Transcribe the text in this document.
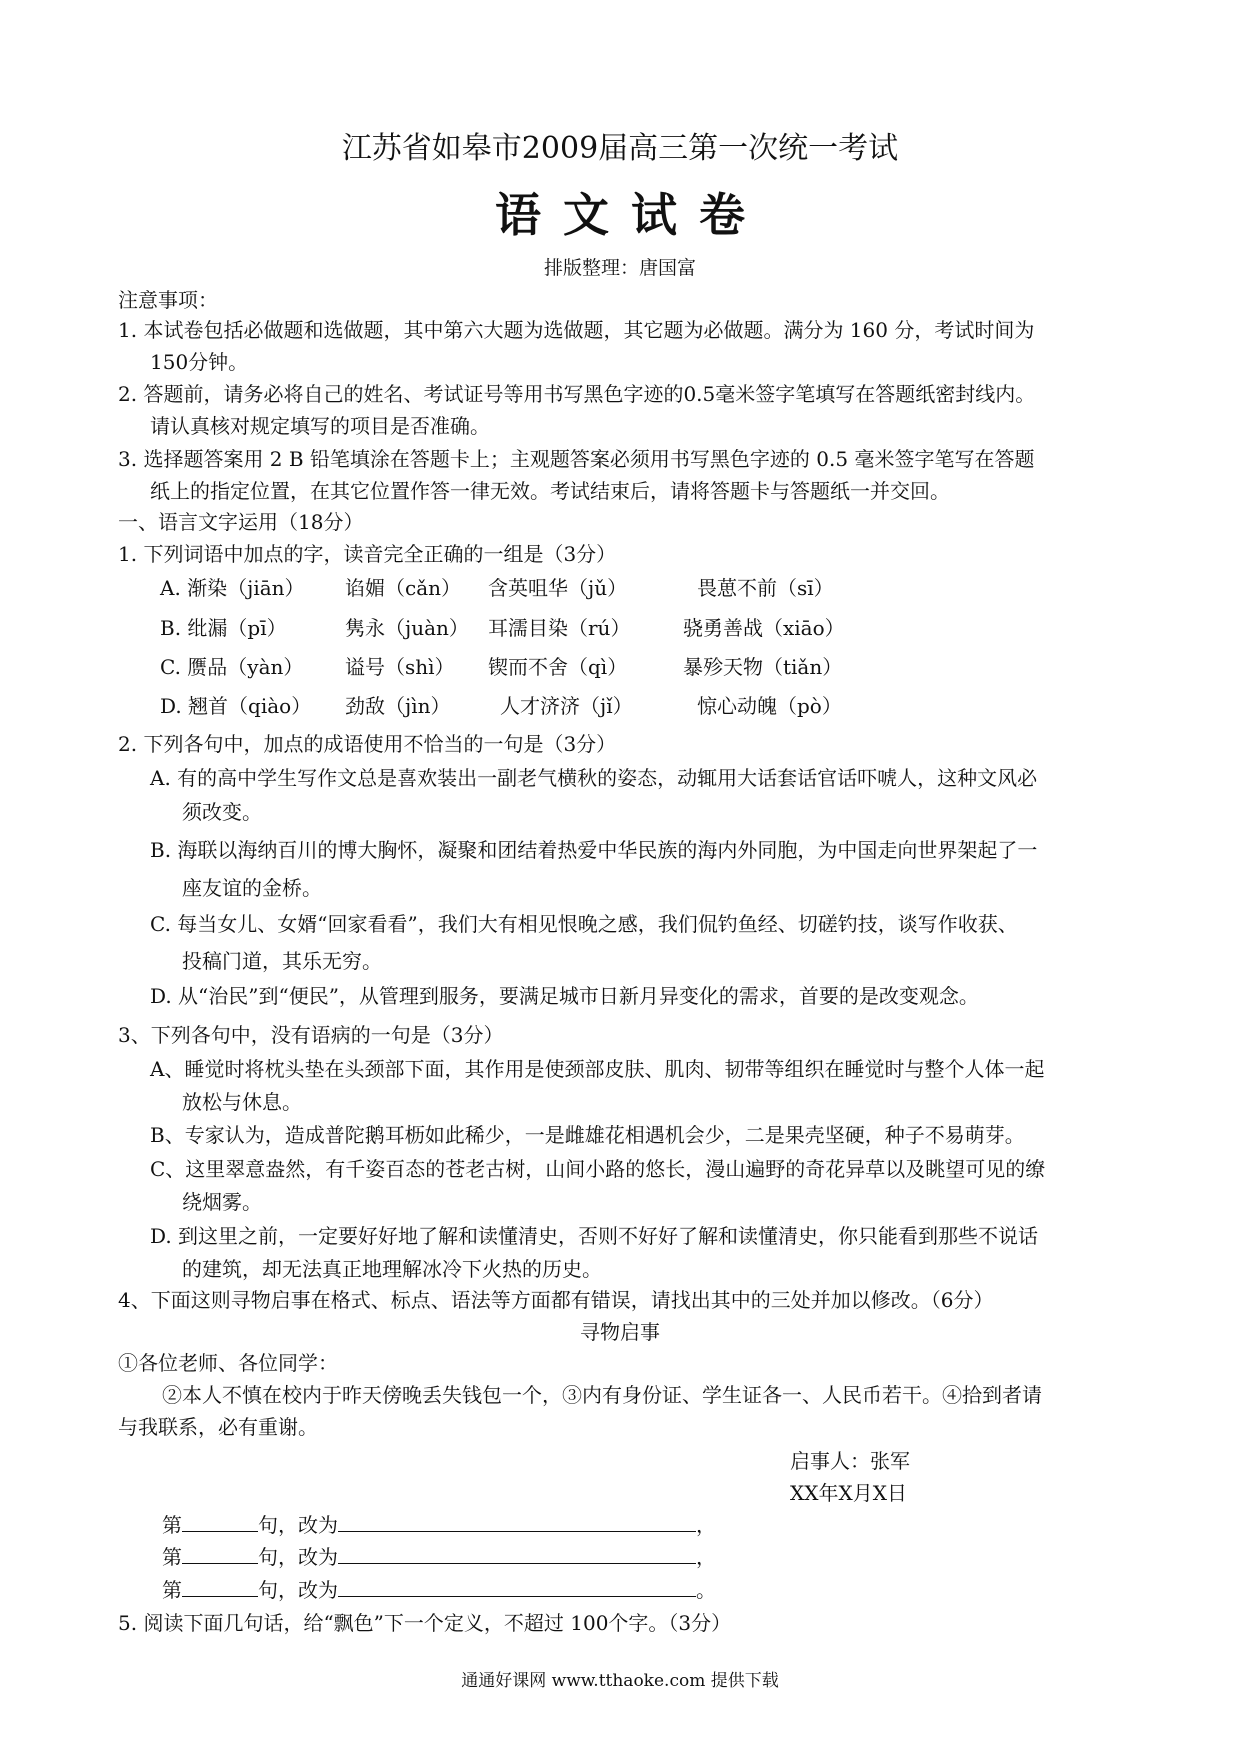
江苏省如皋市2009届高三第一次统一考试
语文试卷
排版整理：唐国富
注意事项：
1. 本试卷包括必做题和选做题，其中第六大题为选做题，其它题为必做题。满分为 160 分，考试时间为
150分钟。
2. 答题前，请务必将自己的姓名、考试证号等用书写黑色字迹的0.5毫米签字笔填写在答题纸密封线内。
请认真核对规定填写的项目是否准确。
3. 选择题答案用 2 B 铅笔填涂在答题卡上；主观题答案必须用书写黑色字迹的 0.5 毫米签字笔写在答题
纸上的指定位置，在其它位置作答一律无效。考试结束后，请将答题卡与答题纸一并交回。
一、语言文字运用（18分）
1. 下列词语中加点的字，读音完全正确的一组是（3分）
A. 渐染（jiān） 谄媚（cǎn） 含英咀华（jǔ）	畏葸不前（sī）
B. 纰漏（pī）	隽永（juàn） 耳濡目染（rú）	骁勇善战（xiāo）
C. 赝品（yàn） 谥号（shì） 锲而不舍（qì）	暴殄天物（tiǎn）
D. 翘首（qiào） 劲敌（jìn） 人才济济（jǐ）	惊心动魄（pò）
2. 下列各句中，加点的成语使用不恰当的一句是（3分）
A. 有的高中学生写作文总是喜欢装出一副老气横秋的姿态，动辄用大话套话官话吓唬人，这种文风必
须改变。
B. 海联以海纳百川的博大胸怀，凝聚和团结着热爱中华民族的海内外同胞，为中国走向世界架起了一
座友谊的金桥。
C. 每当女儿、女婿“回家看看”，我们大有相见恨晚之感，我们侃钓鱼经、切磋钓技，谈写作收获、
投稿门道，其乐无穷。
D. 从“治民”到“便民”，从管理到服务，要满足城市日新月异变化的需求，首要的是改变观念。
3、下列各句中，没有语病的一句是（3分）
A、睡觉时将枕头垫在头颈部下面，其作用是使颈部皮肤、肌肉、韧带等组织在睡觉时与整个人体一起
放松与休息。
B、专家认为，造成普陀鹅耳枥如此稀少，一是雌雄花相遇机会少，二是果壳坚硬，种子不易萌芽。
C、这里翠意盎然，有千姿百态的苍老古树，山间小路的悠长，漫山遍野的奇花异草以及眺望可见的缭
绕烟雾。
D. 到这里之前，一定要好好地了解和读懂清史，否则不好好了解和读懂清史，你只能看到那些不说话
的建筑，却无法真正地理解冰冷下火热的历史。
4、下面这则寻物启事在格式、标点、语法等方面都有错误，请找出其中的三处并加以修改。（6分）
寻物启事
①各位老师、各位同学：
②本人不慎在校内于昨天傍晚丢失钱包一个，③内有身份证、学生证各一、人民币若干。④拾到者请
与我联系，必有重谢。
启事人：张军
XX年X月X日
第	句，改为	，
第	句，改为	，
第	句，改为	。
5. 阅读下面几句话，给“飘色”下一个定义，不超过 100个字。（3分）
通通好课网 www.tthaoke.com 提供下载
